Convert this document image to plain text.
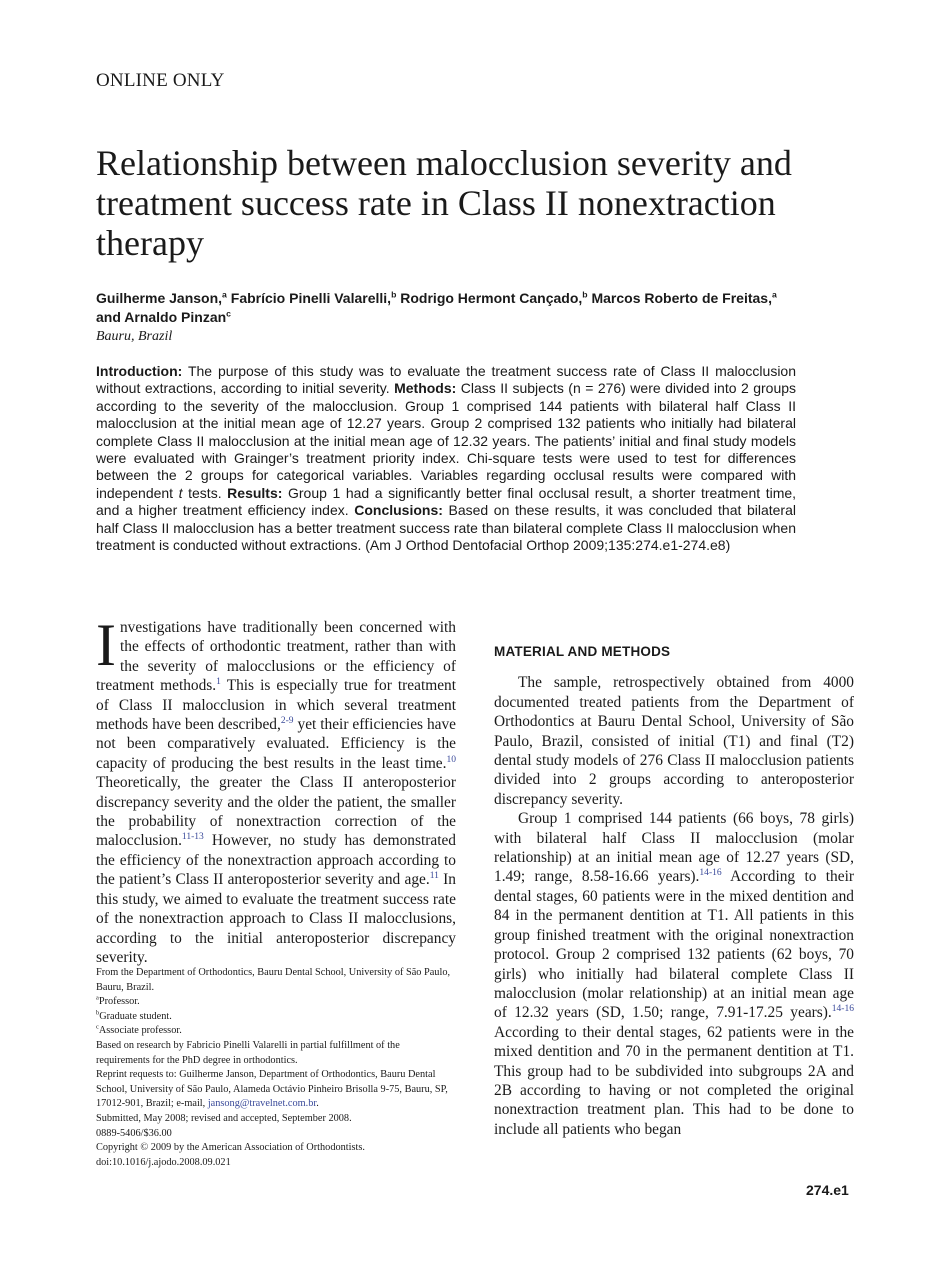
ONLINE ONLY
Relationship between malocclusion severity and treatment success rate in Class II nonextraction therapy
Guilherme Janson,$^a$ Fabrício Pinelli Valarelli,$^b$ Rodrigo Hermont Cançado,$^b$ Marcos Roberto de Freitas,$^a$
and Arnaldo Pinzan$^c$
Bauru, Brazil

Introduction: The purpose of this study was to evaluate the treatment success rate of Class II malocclusion without extractions, according to initial severity. Methods: Class II subjects (n = 276) were divided into 2 groups according to the severity of the malocclusion. Group 1 comprised 144 patients with bilateral half Class II malocclusion at the initial mean age of 12.27 years. Group 2 comprised 132 patients who initially had bilateral complete Class II malocclusion at the initial mean age of 12.32 years. The patients’ initial and final study models were evaluated with Grainger’s treatment priority index. Chi-square tests were used to test for differences between the 2 groups for categorical variables. Variables regarding occlusal results were compared with independent t tests. Results: Group 1 had a significantly better final occlusal result, a shorter treatment time, and a higher treatment efficiency index. Conclusions: Based on these results, it was concluded that bilateral half Class II malocclusion has a better treatment success rate than bilateral complete Class II malocclusion when treatment is conducted without extractions. (Am J Orthod Dentofacial Orthop 2009;135:274.e1-274.e8)

Investigations have traditionally been concerned with the effects of orthodontic treatment, rather than with the severity of malocclusions or the efficiency of treatment methods.$^1$ This is especially true for treatment of Class II malocclusion in which several treatment methods have been described,$^{2-9}$ yet their efficiencies have not been comparatively evaluated. Efficiency is the capacity of producing the best results in the least time.$^{10}$ Theoretically, the greater the Class II anteroposterior discrepancy severity and the older the patient, the smaller the probability of nonextraction correction of the malocclusion.$^{11-13}$ However, no study has demonstrated the efficiency of the nonextraction approach according to the patient’s Class II anteroposterior severity and age.$^{11}$ In this study, we aimed to evaluate the treatment success rate of the nonextraction approach to Class II malocclusions, according to the initial anteroposterior discrepancy severity.

MATERIAL AND METHODS

The sample, retrospectively obtained from 4000 documented treated patients from the Department of Orthodontics at Bauru Dental School, University of São Paulo, Brazil, consisted of initial (T1) and final (T2) dental study models of 276 Class II malocclusion patients divided into 2 groups according to anteroposterior discrepancy severity.

Group 1 comprised 144 patients (66 boys, 78 girls) with bilateral half Class II malocclusion (molar relationship) at an initial mean age of 12.27 years (SD, 1.49; range, 8.58-16.66 years).$^{14-16}$ According to their dental stages, 60 patients were in the mixed dentition and 84 in the permanent dentition at T1. All patients in this group finished treatment with the original nonextraction protocol. Group 2 comprised 132 patients (62 boys, 70 girls) who initially had bilateral complete Class II malocclusion (molar relationship) at an initial mean age of 12.32 years (SD, 1.50; range, 7.91-17.25 years).$^{14-16}$ According to their dental stages, 62 patients were in the mixed dentition and 70 in the permanent dentition at T1. This group had to be subdivided into subgroups 2A and 2B according to having or not completed the original nonextraction treatment plan. This had to be done to include all patients who began

From the Department of Orthodontics, Bauru Dental School, University of São Paulo, Bauru, Brazil.
$^a$Professor.
$^b$Graduate student.
$^c$Associate professor.
Based on research by Fabricio Pinelli Valarelli in partial fulfillment of the requirements for the PhD degree in orthodontics.
Reprint requests to: Guilherme Janson, Department of Orthodontics, Bauru Dental School, University of São Paulo, Alameda Octávio Pinheiro Brisolla 9-75, Bauru, SP, 17012-901, Brazil; e-mail, jansong@travelnet.com.br.
Submitted, May 2008; revised and accepted, September 2008.
0889-5406/$36.00
Copyright © 2009 by the American Association of Orthodontists.
doi:10.1016/j.ajodo.2008.09.021
274.e1
